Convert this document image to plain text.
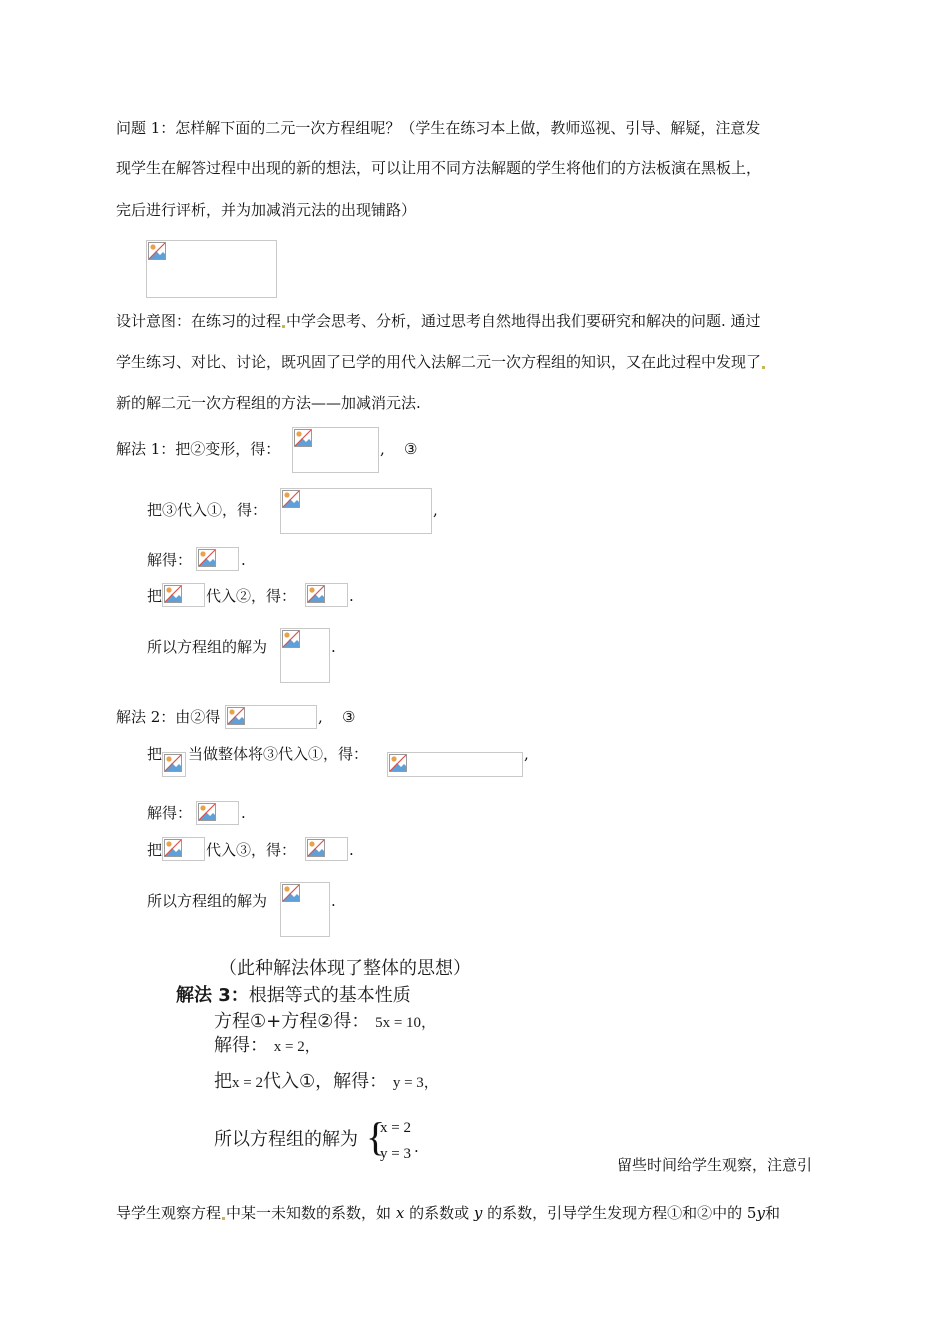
问题 1：怎样解下面的二元一次方程组呢？（学生在练习本上做，教师巡视、引导、解疑，注意发
现学生在解答过程中出现的新的想法，可以让用不同方法解题的学生将他们的方法板演在黑板上，
完后进行评析，并为加减消元法的出现铺路）
设计意图：在练习的过程 中学会思考、分析，通过思考自然地得出我们要研究和解决的问题. 通过
学生练习、对比、讨论，既巩固了已学的用代入法解二元一次方程组的知识，又在此过程中发现了
新的解二元一次方程组的方法——加减消元法.
解法 1：把②变形，得：	, ③
把③代入①，得：	,
解得：	.
把	代入②，得：	.
所以方程组的解为	.
解法 2：由②得	, ③
把 当做整体将③代入①，得：	,
解得：	.
把	代入③，得：	.
所以方程组的解为	.
（此种解法体现了整体的思想）
解法 3：根据等式的基本性质
方程①+方程②得： 5x = 10，
解得： x = 2，
把x = 2代入①，解得： y = 3，
所以方程组的解为 {
x = 2
y = 3 .
留些时间给学生观察，注意引
导学生观察方程 中某一未知数的系数，如 x 的系数或 y 的系数，引导学生发现方程①和②中的 5y和
